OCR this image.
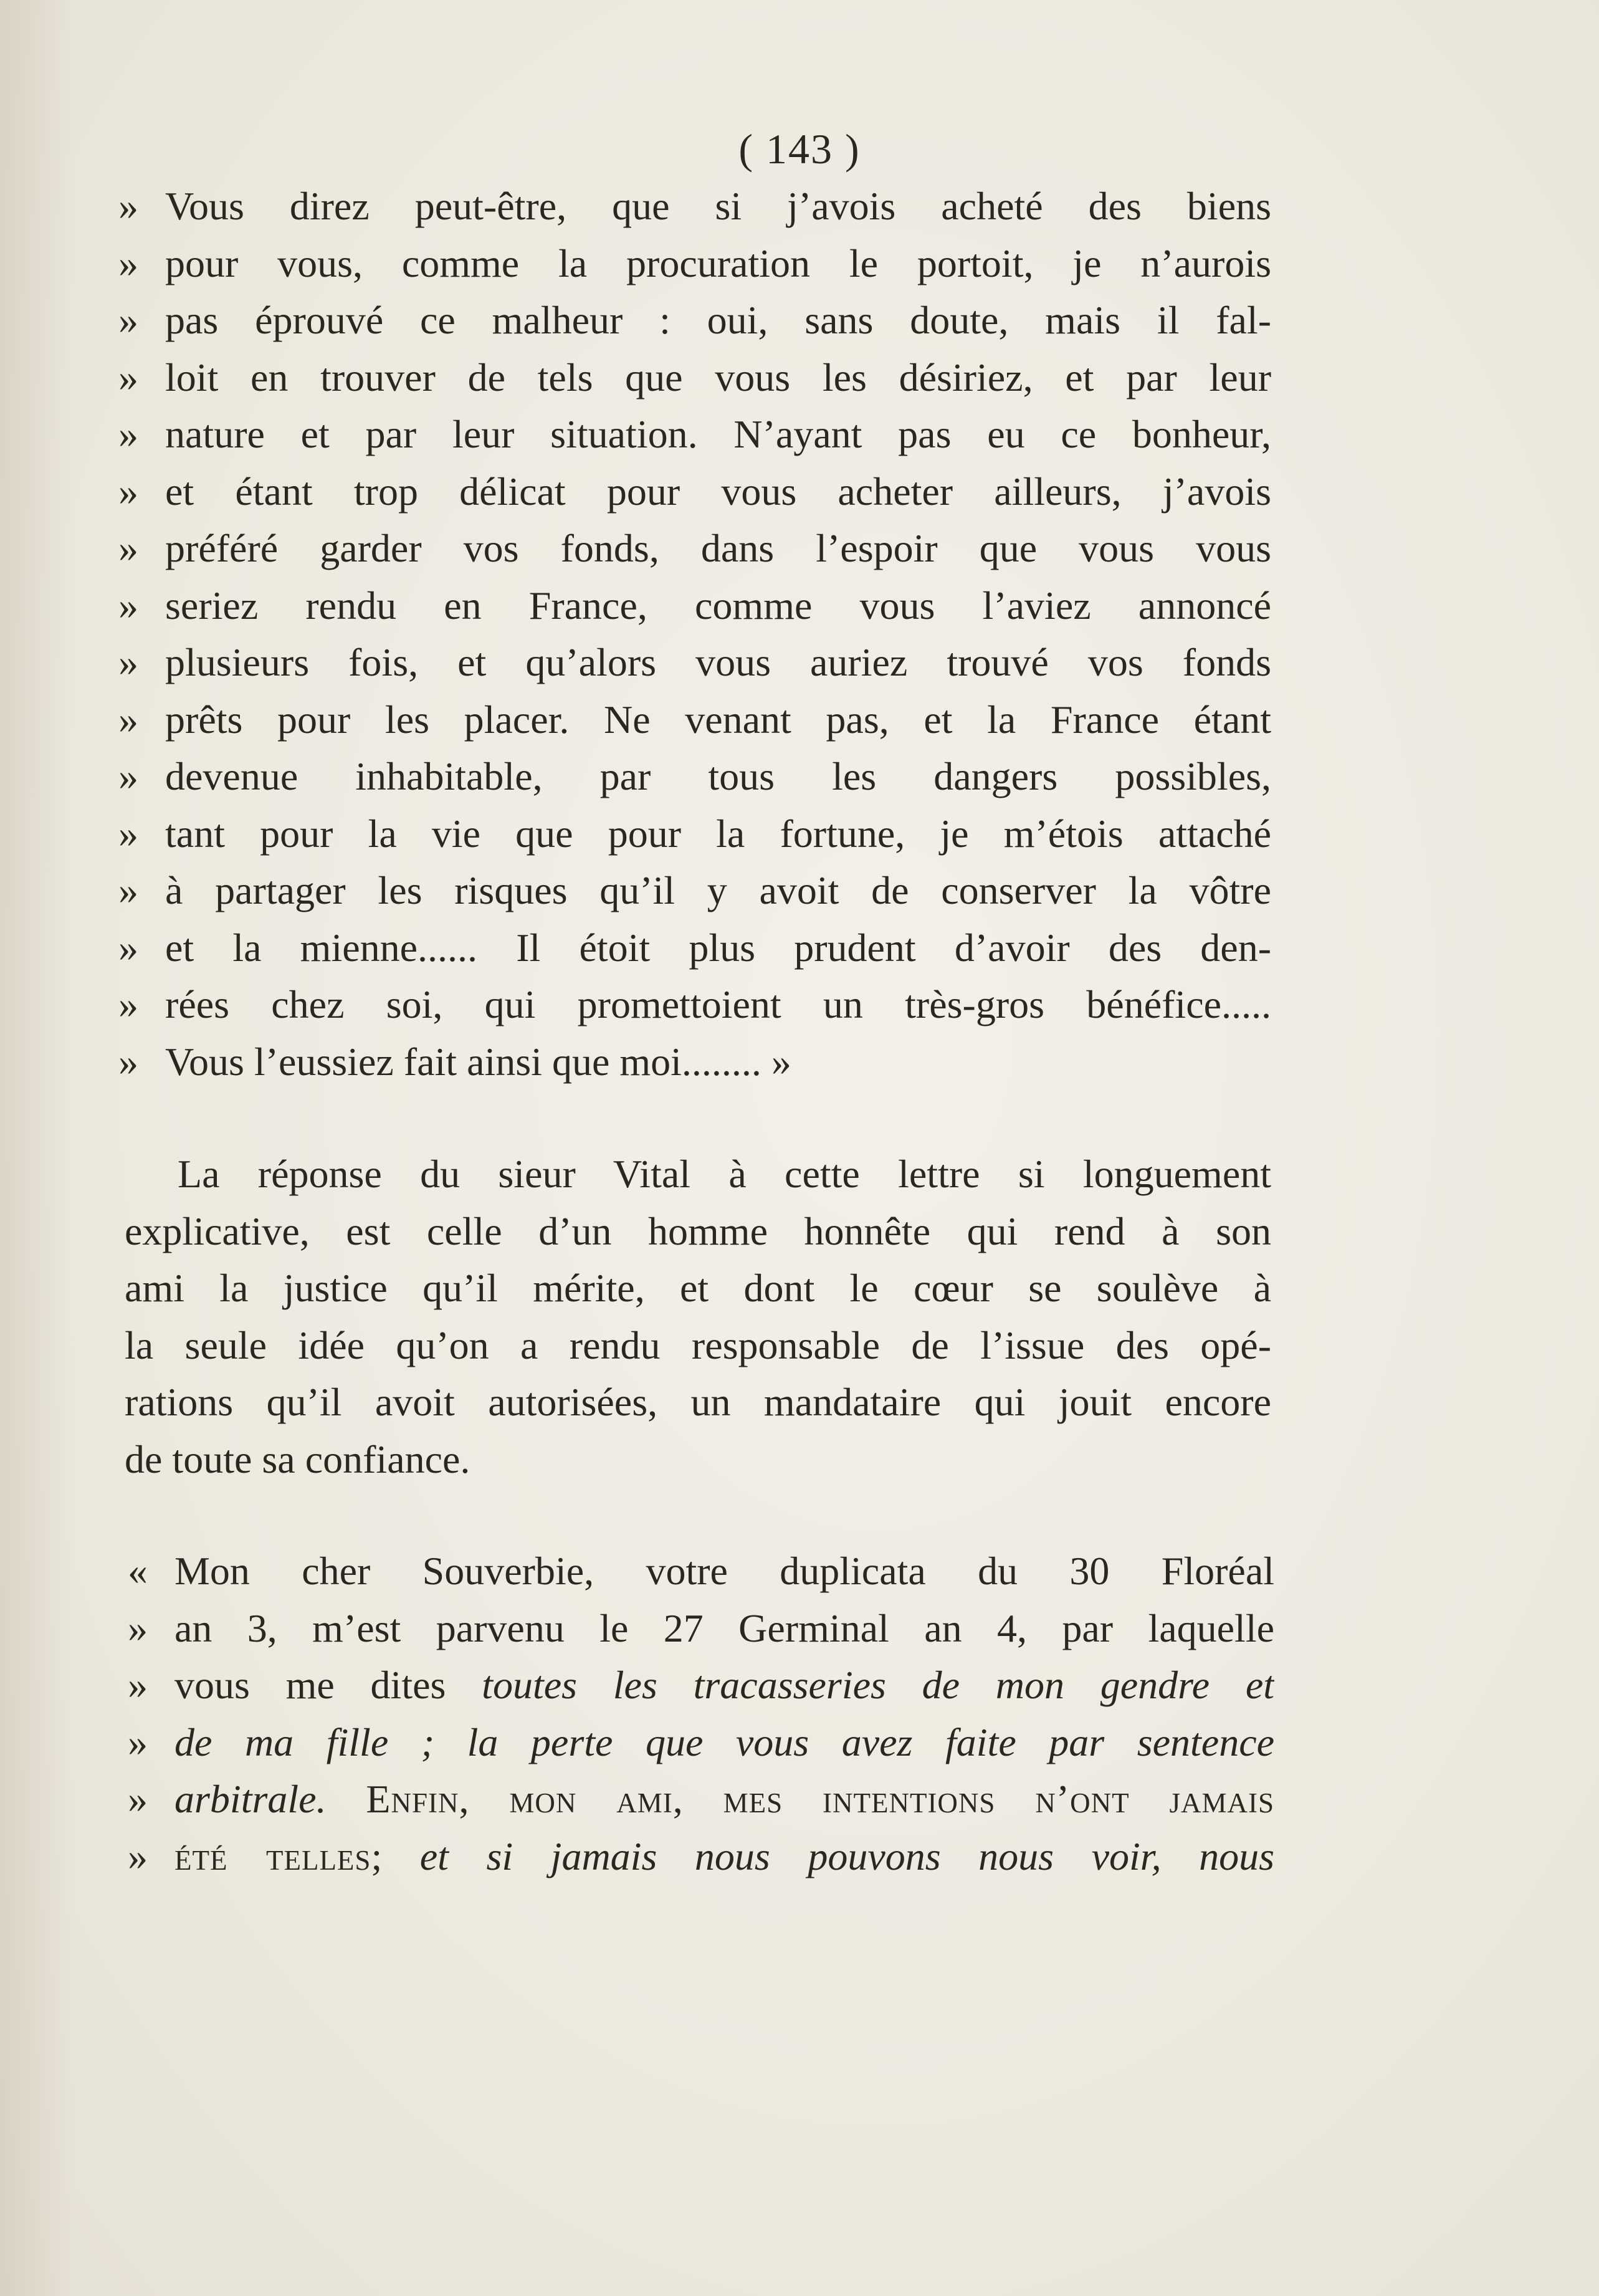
( 143 )
» Vous direz peut-être, que si j’avois acheté des biens
» pour vous, comme la procuration le portoit, je n’aurois
» pas éprouvé ce malheur : oui, sans doute, mais il fal-
» loit en trouver de tels que vous les désiriez, et par leur
» nature et par leur situation. N’ayant pas eu ce bonheur,
» et étant trop délicat pour vous acheter ailleurs, j’avois
» préféré garder vos fonds, dans l’espoir que vous vous
» seriez rendu en France, comme vous l’aviez annoncé
» plusieurs fois, et qu’alors vous auriez trouvé vos fonds
» prêts pour les placer. Ne venant pas, et la France étant
» devenue inhabitable, par tous les dangers possibles,
» tant pour la vie que pour la fortune, je m’étois attaché
» à partager les risques qu’il y avoit de conserver la vôtre
» et la mienne...... Il étoit plus prudent d’avoir des den-
» rées chez soi, qui promettoient un très-gros bénéfice.....
» Vous l’eussiez fait ainsi que moi........ »
La réponse du sieur Vital à cette lettre si longuement
explicative, est celle d’un homme honnête qui rend à son
ami la justice qu’il mérite, et dont le cœur se soulève à
la seule idée qu’on a rendu responsable de l’issue des opé-
rations qu’il avoit autorisées, un mandataire qui jouit encore
de toute sa confiance.
« Mon cher Souverbie, votre duplicata du 30 Floréal
» an 3, m’est parvenu le 27 Germinal an 4, par laquelle
» vous me dites toutes les tracasseries de mon gendre et
» de ma fille ; la perte que vous avez faite par sentence
» arbitrale. Enfin, mon ami, mes intentions n’ont jamais
» été telles; et si jamais nous pouvons nous voir, nous
